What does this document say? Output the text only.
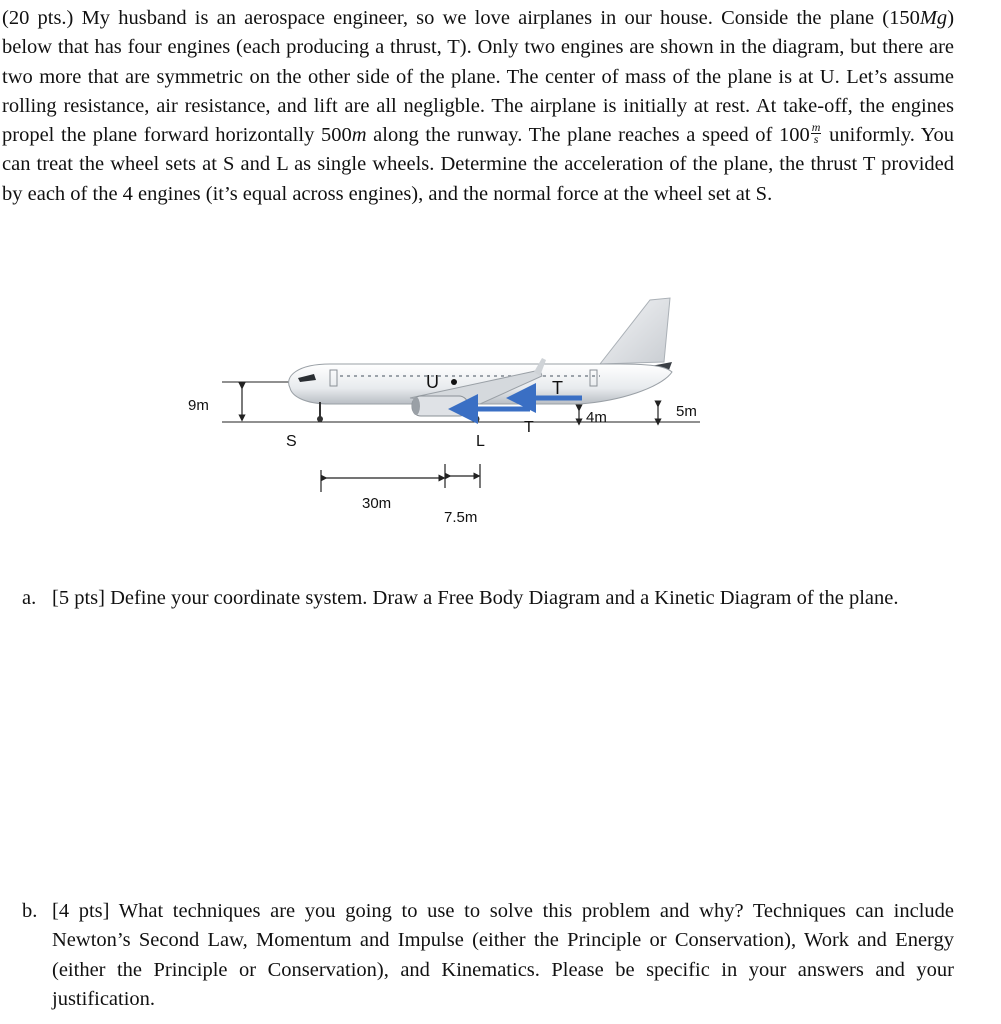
(20 pts.) My husband is an aerospace engineer, so we love airplanes in our house. Conside the plane (150Mg) below that has four engines (each producing a thrust, T). Only two engines are shown in the diagram, but there are two more that are symmetric on the other side of the plane. The center of mass of the plane is at U. Let’s assume rolling resistance, air resistance, and lift are all negligble. The airplane is initially at rest. At take-off, the engines propel the plane forward horizontally 500m along the runway. The plane reaches a speed of $100 \frac{m}{s}$ uniformly. You can treat the wheel sets at S and L as single wheels. Determine the acceleration of the plane, the thrust T provided by each of the 4 engines (it’s equal across engines), and the normal force at the wheel set at S.

U	T
T
9m
4m	5m
S	L
30m
7.5m
a. [5 pts] Define your coordinate system. Draw a Free Body Diagram and a Kinetic Diagram of the plane.
b. [4 pts] What techniques are you going to use to solve this problem and why? Techniques can include Newton’s Second Law, Momentum and Impulse (either the Principle or Conservation), Work and Energy (either the Principle or Conservation), and Kinematics. Please be specific in your answers and your justification.
